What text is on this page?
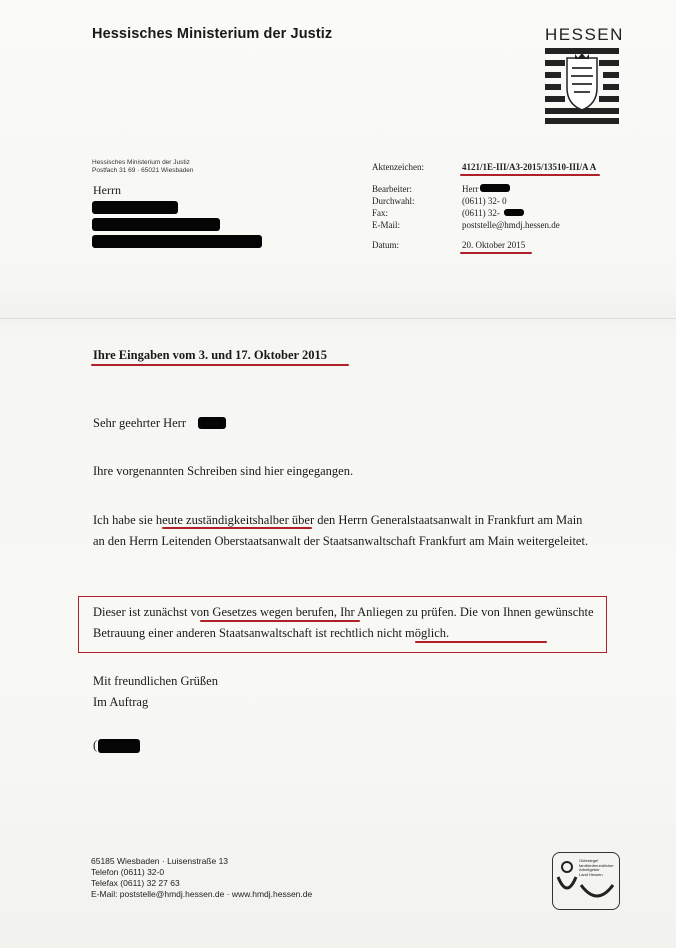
Hessisches Ministerium der Justiz	HESSEN
Hessisches Ministerium der Justiz
Postfach 31 69 · 65021 Wiesbaden
Herrn
Aktenzeichen:	4121/1E-III/A3-2015/13510-III/A A
Bearbeiter:	Herr
Durchwahl:	(0611) 32- 0
Fax:	(0611) 32-
E-Mail:	poststelle@hmdj.hessen.de
Datum:	20. Oktober 2015
Ihre Eingaben vom 3. und 17. Oktober 2015
Sehr geehrter Herr
Ihre vorgenannten Schreiben sind hier eingegangen.
Ich habe sie heute zuständigkeitshalber über den Herrn Generalstaatsanwalt in Frankfurt am Main an den Herrn Leitenden Oberstaatsanwalt der Staatsanwaltschaft Frankfurt am Main weitergeleitet.
Dieser ist zunächst von Gesetzes wegen berufen, Ihr Anliegen zu prüfen. Die von Ihnen gewünschte Betrauung einer anderen Staatsanwaltschaft ist rechtlich nicht möglich.
Mit freundlichen Grüßen
Im Auftrag
(
65185 Wiesbaden · Luisenstraße 13
Telefon (0611) 32-0
Telefax (0611) 32 27 63
E-Mail: poststelle@hmdj.hessen.de · www.hmdj.hessen.de
Gütesiegel
familienfreundlicher
Arbeitgeber
Land Hessen
